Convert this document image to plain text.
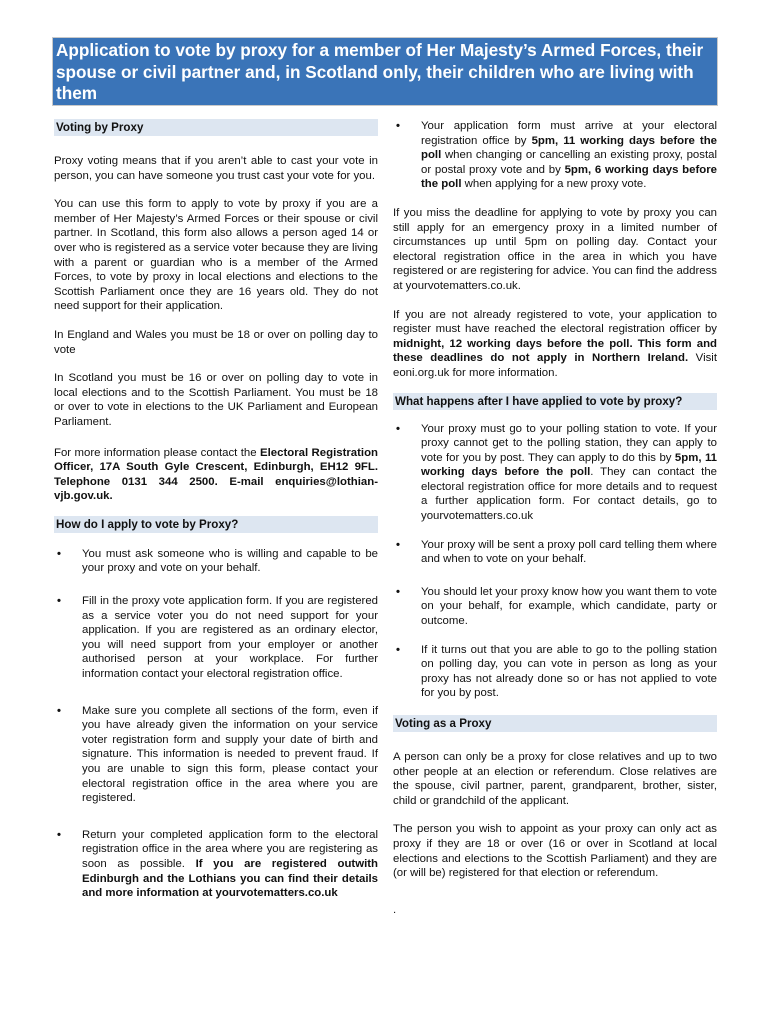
Application to vote by proxy for a member of Her Majesty’s Armed Forces, their spouse or civil partner and, in Scotland only, their children who are living with them
Voting by Proxy

Proxy voting means that if you aren’t able to cast your vote in person, you can have someone you trust cast your vote for you.

You can use this form to apply to vote by proxy if you are a member of Her Majesty’s Armed Forces or their spouse or civil partner. In Scotland, this form also allows a person aged 14 or over who is registered as a service voter because they are living with a parent or guardian who is a member of the Armed Forces, to vote by proxy in local elections and elections to the Scottish Parliament once they are 16 years old. They do not need support for their application.

In England and Wales you must be 18 or over on polling day to vote

In Scotland you must be 16 or over on polling day to vote in local elections and to the Scottish Parliament. You must be 18 or over to vote in elections to the UK Parliament and European Parliament.

For more information please contact the Electoral Registration Officer, 17A South Gyle Crescent, Edinburgh, EH12 9FL. Telephone 0131 344 2500. E-mail enquiries@lothian-vjb.gov.uk.

How do I apply to vote by Proxy?
• You must ask someone who is willing and capable to be your proxy and vote on your behalf.
• Fill in the proxy vote application form. If you are registered as a service voter you do not need support for your application. If you are registered as an ordinary elector, you will need support from your employer or another authorised person at your workplace. For further information contact your electoral registration office.
• Make sure you complete all sections of the form, even if you have already given the information on your service voter registration form and supply your date of birth and signature. This information is needed to prevent fraud. If you are unable to sign this form, please contact your electoral registration office in the area where you are registered.
• Return your completed application form to the electoral registration office in the area where you are registering as soon as possible. If you are registered outwith Edinburgh and the Lothians you can find their details and more information at yourvotematters.co.uk
• Your application form must arrive at your electoral registration office by 5pm, 11 working days before the poll when changing or cancelling an existing proxy, postal or postal proxy vote and by 5pm, 6 working days before the poll when applying for a new proxy vote.

If you miss the deadline for applying to vote by proxy you can still apply for an emergency proxy in a limited number of circumstances up until 5pm on polling day. Contact your electoral registration office in the area in which you have registered or are registering for advice. You can find the address at yourvotematters.co.uk.

If you are not already registered to vote, your application to register must have reached the electoral registration officer by midnight, 12 working days before the poll. This form and these deadlines do not apply in Northern Ireland. Visit eoni.org.uk for more information.

What happens after I have applied to vote by proxy?
• Your proxy must go to your polling station to vote. If your proxy cannot get to the polling station, they can apply to vote for you by post. They can apply to do this by 5pm, 11 working days before the poll. They can contact the electoral registration office for more details and to request a further application form. For contact details, go to yourvotematters.co.uk
• Your proxy will be sent a proxy poll card telling them where and when to vote on your behalf.
• You should let your proxy know how you want them to vote on your behalf, for example, which candidate, party or outcome.
• If it turns out that you are able to go to the polling station on polling day, you can vote in person as long as your proxy has not already done so or has not applied to vote for you by post.
Voting as a Proxy

A person can only be a proxy for close relatives and up to two other people at an election or referendum. Close relatives are the spouse, civil partner, parent, grandparent, brother, sister, child or grandchild of the applicant.

The person you wish to appoint as your proxy can only act as proxy if they are 18 or over (16 or over in Scotland at local elections and elections to the Scottish Parliament) and they are (or will be) registered for that election or referendum.

.
